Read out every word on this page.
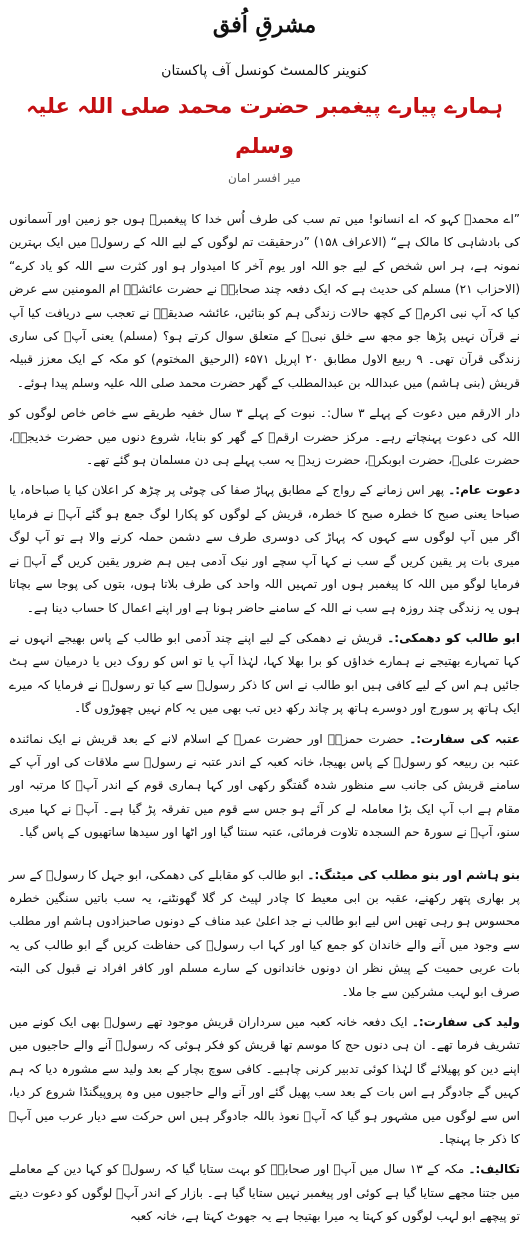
مشرقِ اُفق
کنوینر کالمسٹ کونسل آف پاکستان
ہمارے پیارے پیغمبر حضرت محمد صلی اللہ علیہ وسلم
میر افسر امان

”اے محمدؐ کہو کہ اے انسانو! میں تم سب کی طرف اُس خدا کا پیغمبرؐ ہوں جو زمین اور آسمانوں کی بادشاہی کا مالک ہے“ (الاعراف ۱۵۸) ”درحقیقت تم لوگوں کے لیے اللہ کے رسولؐ میں ایک بہترین نمونہ ہے، ہر اس شخص کے لیے جو اللہ اور یوم آخر کا امیدوار ہو اور کثرت سے اللہ کو یاد کرے“ (الاحزاب ۲۱) مسلم کی حدیث ہے کہ ایک دفعہ چند صحابہؓ نے حضرت عائشہؓ ام المومنین سے عرض کیا کہ آپ نبی اکرمؐ کے کچھ حالات زندگی ہم کو بتائیں، عائشہ صدیقہؓ نے تعجب سے دریافت کیا آپ نے قرآن نہیں پڑھا جو مجھ سے خلق نبیؐ کے متعلق سوال کرتے ہو؟ (مسلم) یعنی آپؐ کی ساری زندگی قرآن تھی۔ ۹ ربیع الاول مطابق ۲۰ اپریل ۵۷۱ء (الرحیق المختوم) کو مکہ کے ایک معزز قبیلہ قریش (بنی ہاشم) میں عبداللہ بن عبدالمطلب کے گھر حضرت محمد صلی اللہ علیہ وسلم پیدا ہوئے۔

دار الارقم میں دعوت کے پہلے ۳ سال:۔ نبوت کے پہلے ۳ سال خفیہ طریقے سے خاص خاص لوگوں کو اللہ کی دعوت پہنچاتے رہے۔ مرکز حضرت ارقمؓ کے گھر کو بنایا، شروع دنوں میں حضرت خدیجہؓ، حضرت علیؓ، حضرت ابوبکرؓ، حضرت زیدؓ یہ سب پہلے ہی دن مسلمان ہو گئے تھے۔

دعوت عام:۔ پھر اس زمانے کے رواج کے مطابق پہاڑ صفا کی چوٹی پر چڑھ کر اعلان کیا یا صباحاہ، یا صباحا یعنی صبح کا خطرہ صبح کا خطرہ، قریش کے لوگوں کو پکارا لوگ جمع ہو گئے آپؐ نے فرمایا اگر میں آپ لوگوں سے کہوں کہ پہاڑ کی دوسری طرف سے دشمن حملہ کرنے والا ہے تو آپ لوگ میری بات پر یقین کریں گے سب نے کہا آپ سچے اور نیک آدمی ہیں ہم ضرور یقین کریں گے آپؐ نے فرمایا لوگو میں اللہ کا پیغمبر ہوں اور تمہیں اللہ واحد کی طرف بلاتا ہوں، بتوں کی پوجا سے بچاتا ہوں یہ زندگی چند روزہ ہے سب نے اللہ کے سامنے حاضر ہونا ہے اور اپنے اعمال کا حساب دینا ہے۔

ابو طالب کو دھمکی:۔ قریش نے دھمکی کے لیے اپنے چند آدمی ابو طالب کے پاس بھیجے انہوں نے کہا تمہارے بھتیجے نے ہمارے خداؤں کو برا بھلا کہا، لہٰذا آپ یا تو اس کو روک دیں یا درمیان سے ہٹ جائیں ہم اس کے لیے کافی ہیں ابو طالب نے اس کا ذکر رسولؐ سے کیا تو رسولؐ نے فرمایا کہ میرے ایک ہاتھ پر سورج اور دوسرے ہاتھ پر چاند رکھ دیں تب بھی میں یہ کام نہیں چھوڑوں گا۔

عتبہ کی سفارت:۔ حضرت حمزہؓ اور حضرت عمرؓ کے اسلام لانے کے بعد قریش نے ایک نمائندہ عتبہ بن ربیعہ کو رسولؐ کے پاس بھیجا، خانہ کعبہ کے اندر عتبہ نے رسولؐ سے ملاقات کی اور آپ کے سامنے قریش کی جانب سے منظور شدہ گفتگو رکھی اور کہا ہماری قوم کے اندر آپؐ کا مرتبہ اور مقام ہے اب آپ ایک بڑا معاملہ لے کر آئے ہو جس سے قوم میں تفرقہ پڑ گیا ہے۔ آپؐ نے کہا میری سنو، آپؐ نے سورۃ حم السجدہ تلاوت فرمائی، عتبہ سنتا گیا اور اٹھا اور سیدھا ساتھیوں کے پاس گیا۔

بنو ہاشم اور بنو مطلب کی میٹنگ:۔ ابو طالب کو مقابلے کی دھمکی، ابو جہل کا رسولؐ کے سر پر بھاری پتھر رکھنے، عقبہ بن ابی معیط کا چادر لپیٹ کر گلا گھونٹنے، یہ سب باتیں سنگین خطرہ محسوس ہو رہی تھیں اس لیے ابو طالب نے جد اعلیٰ عبد مناف کے دونوں صاحبزادوں ہاشم اور مطلب سے وجود میں آنے والے خاندان کو جمع کیا اور کہا اب رسولؐ کی حفاظت کریں گے ابو طالب کی یہ بات عربی حمیت کے پیش نظر ان دونوں خاندانوں کے سارے مسلم اور کافر افراد نے قبول کی البتہ صرف ابو لہب مشرکین سے جا ملا۔

ولید کی سفارت:۔ ایک دفعہ خانہ کعبہ میں سرداران قریش موجود تھے رسولؐ بھی ایک کونے میں تشریف فرما تھے۔ ان ہی دنوں حج کا موسم تھا قریش کو فکر ہوئی کہ رسولؐ آنے والے حاجیوں میں اپنے دین کو پھیلائے گا لہٰذا کوئی تدبیر کرنی چاہیے۔ کافی سوچ بچار کے بعد ولید سے مشورہ دیا کہ ہم کہیں گے جادوگر ہے اس بات کے بعد سب پھیل گئے اور آنے والے حاجیوں میں وہ پروپیگنڈا شروع کر دیا، اس سے لوگوں میں مشہور ہو گیا کہ آپؐ نعوذ باللہ جادوگر ہیں اس حرکت سے دیار عرب میں آپؐ کا ذکر جا پہنچا۔

تکالیف:۔ مکہ کے ۱۳ سال میں آپؐ اور صحابہؓ کو بہت ستایا گیا کہ رسولؐ کو کہا دین کے معاملے میں جتنا مجھے ستایا گیا ہے کوئی اور پیغمبر نہیں ستایا گیا ہے۔ بازار کے اندر آپؐ لوگوں کو دعوت دیتے تو پیچھے ابو لہب لوگوں کو کہتا یہ میرا بھتیجا ہے یہ جھوٹ کہتا ہے، خانہ کعبہ
